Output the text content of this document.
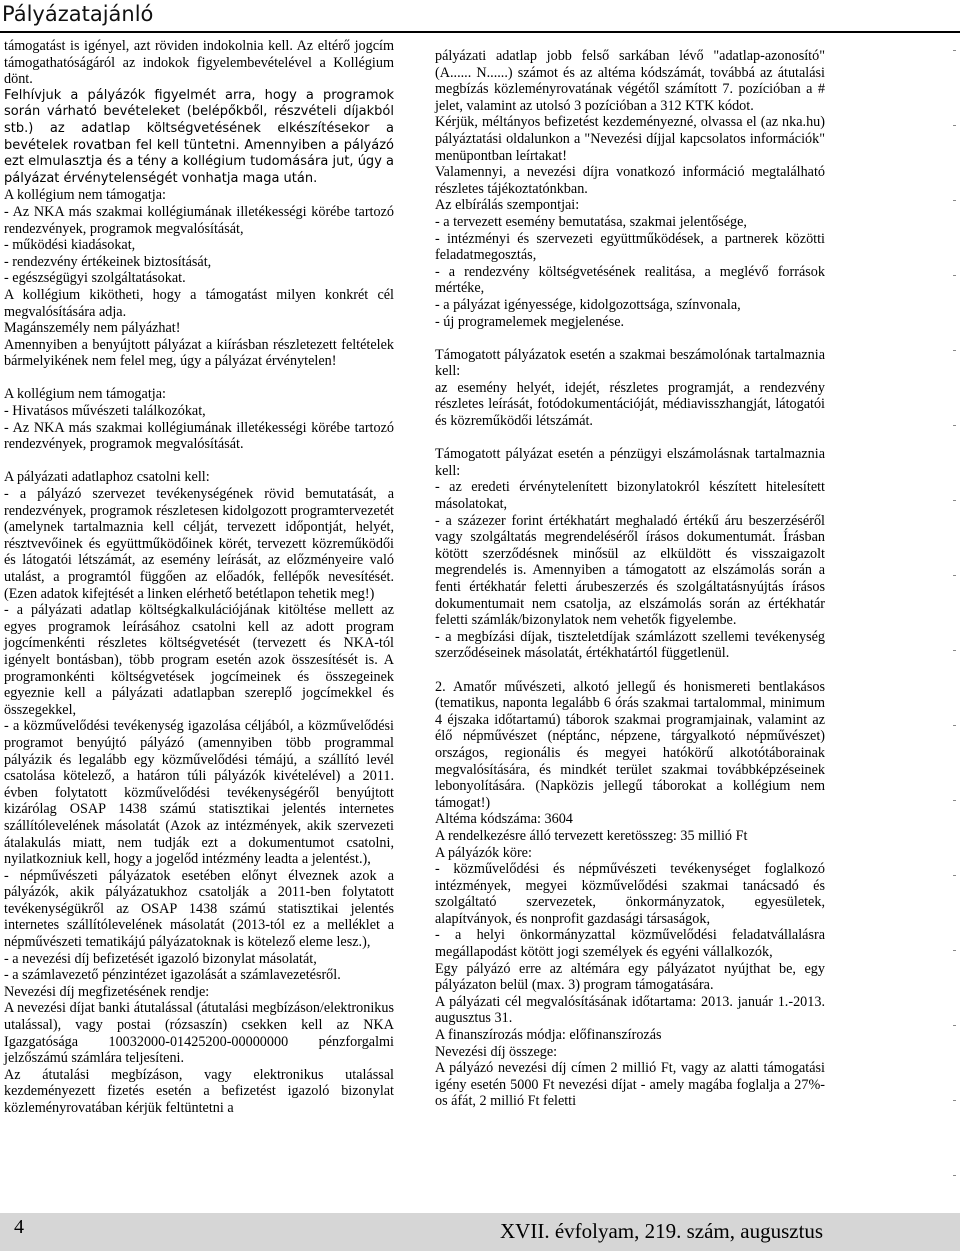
Pályázatajánló

támogatást is igényel, azt röviden indokolnia kell. Az eltérő jogcím támogathatóságáról az indokok figyelembevételével a Kollégium dönt.

Felhívjuk a pályázók figyelmét arra, hogy a programok során várható bevételeket (belépőkből, részvételi díjakból stb.) az adatlap költségvetésének elkészítésekor a bevételek rovatban fel kell tüntetni. Amennyiben a pályázó ezt elmulasztja és a tény a kollégium tudomására jut, úgy a pályázat érvénytelenségét vonhatja maga után.

A kollégium nem támogatja:

- Az NKA más szakmai kollégiumának illetékességi körébe tartozó rendezvények, programok megvalósítását,

- működési kiadásokat,

- rendezvény értékeinek biztosítását,

- egészségügyi szolgáltatásokat.

A kollégium kikötheti, hogy a támogatást milyen konkrét cél megvalósítására adja.

Magánszemély nem pályázhat!

Amennyiben a benyújtott pályázat a kiírásban részletezett feltételek bármelyikének nem felel meg, úgy a pályázat érvénytelen!

A kollégium nem támogatja:

- Hivatásos művészeti találkozókat,

- Az NKA más szakmai kollégiumának illetékességi körébe tartozó rendezvények, programok megvalósítását.

A pályázati adatlaphoz csatolni kell:

- a pályázó szervezet tevékenységének rövid bemutatását, a rendezvények, programok részletesen kidolgozott programtervezetét (amelynek tartalmaznia kell célját, tervezett időpontját, helyét, résztvevőinek és együttműködőinek körét, tervezett közreműködői és látogatói létszámát, az esemény leírását, az előzményeire való utalást, a programtól függően az előadók, fellépők nevesítését. (Ezen adatok kifejtését a linken elérhető betétlapon tehetik meg!)

- a pályázati adatlap költségkalkulációjának kitöltése mellett az egyes programok leírásához csatolni kell az adott program jogcímenkénti részletes költségvetését (tervezett és NKA-tól igényelt bontásban), több program esetén azok összesítését is. A programonkénti költségvetések jogcímeinek és összegeinek egyeznie kell a pályázati adatlapban szereplő jogcímekkel és összegekkel,

- a közművelődési tevékenység igazolása céljából, a közművelődési programot benyújtó pályázó (amennyiben több programmal pályázik és legalább egy közművelődési témájú, a szállító levél csatolása kötelező, a határon túli pályázók kivételével) a 2011. évben folytatott közművelődési tevékenységéről benyújtott kizárólag OSAP 1438 számú statisztikai jelentés internetes szállítólevelének másolatát (Azok az intézmények, akik szervezeti átalakulás miatt, nem tudják ezt a dokumentumot csatolni, nyilatkozniuk kell, hogy a jogelőd intézmény leadta a jelentést.),

- népművészeti pályázatok esetében előnyt élveznek azok a pályázók, akik pályázatukhoz csatolják a 2011-ben folytatott tevékenységükről az OSAP 1438 számú statisztikai jelentés internetes szállítólevelének másolatát (2013-tól ez a melléklet a népművészeti tematikájú pályázatoknak is kötelező eleme lesz.),

- a nevezési díj befizetését igazoló bizonylat másolatát,

- a számlavezető pénzintézet igazolását a számlavezetésről.

Nevezési díj megfizetésének rendje:

A nevezési díjat banki átutalással (átutalási megbízáson/elektronikus utalással), vagy postai (rózsaszín) csekken kell az NKA Igazgatósága 10032000-01425200-00000000 pénzforgalmi jelzőszámú számlára teljesíteni.

Az átutalási megbízáson, vagy elektronikus utalással kezdeményezett fizetés esetén a befizetést igazoló bizonylat közleményrovatában kérjük feltüntetni a

pályázati adatlap jobb felső sarkában lévő "adatlap-azonosító" (A...... N......) számot és az altéma kódszámát, továbbá az átutalási megbízás közleményrovatának végétől számított 7. pozícióban a # jelet, valamint az utolsó 3 pozícióban a 312 KTK kódot.

Kérjük, méltányos befizetést kezdeményezné, olvassa el (az nka.hu) pályáztatási oldalunkon a "Nevezési díjjal kapcsolatos információk" menüpontban leírtakat!

Valamennyi, a nevezési díjra vonatkozó információ megtalálható részletes tájékoztatónkban.

Az elbírálás szempontjai:

- a tervezett esemény bemutatása, szakmai jelentősége,

- intézményi és szervezeti együttműködések, a partnerek közötti feladatmegosztás,

- a rendezvény költségvetésének realitása, a meglévő források mértéke,

- a pályázat igényessége, kidolgozottsága, színvonala,

- új programelemek megjelenése.

Támogatott pályázatok esetén a szakmai beszámolónak tartalmaznia kell:

az esemény helyét, idejét, részletes programját, a rendezvény részletes leírását, fotódokumentációját, médiavisszhangját, látogatói és közreműködői létszámát.

Támogatott pályázat esetén a pénzügyi elszámolásnak tartalmaznia kell:

- az eredeti érvénytelenített bizonylatokról készített hitelesített másolatokat,

- a százezer forint értékhatárt meghaladó értékű áru beszerzéséről vagy szolgáltatás megrendeléséről írásos dokumentumát. Írásban kötött szerződésnek minősül az elküldött és visszaigazolt megrendelés is. Amennyiben a támogatott az elszámolás során a fenti értékhatár feletti árubeszerzés és szolgáltatásnyújtás írásos dokumentumait nem csatolja, az elszámolás során az értékhatár feletti számlák/bizonylatok nem vehetők figyelembe.

- a megbízási díjak, tiszteletdíjak számlázott szellemi tevékenység szerződéseinek másolatát, értékhatártól függetlenül.

2. Amatőr művészeti, alkotó jellegű és honismereti bentlakásos (tematikus, naponta legalább 6 órás szakmai tartalommal, minimum 4 éjszaka időtartamú) táborok szakmai programjainak, valamint az élő népművészet (néptánc, népzene, tárgyalkotó népművészet) országos, regionális és megyei hatókörű alkotótáborainak megvalósítására, és mindkét terület szakmai továbbképzéseinek lebonyolítására. (Napközis jellegű táborokat a kollégium nem támogat!)

Altéma kódszáma: 3604

A rendelkezésre álló tervezett keretösszeg: 35 millió Ft

A pályázók köre:

- közművelődési és népművészeti tevékenységet foglalkozó intézmények, megyei közművelődési szakmai tanácsadó és szolgáltató szervezetek, önkormányzatok, egyesületek, alapítványok, és nonprofit gazdasági társaságok,

- a helyi önkormányzattal közművelődési feladatvállalásra megállapodást kötött jogi személyek és egyéni vállalkozók,

Egy pályázó erre az altémára egy pályázatot nyújthat be, egy pályázaton belül (max. 3) program támogatására.

A pályázati cél megvalósításának időtartama: 2013. január 1.-2013. augusztus 31.

A finanszírozás módja: előfinanszírozás

Nevezési díj összege:

A pályázó nevezési díj címen 2 millió Ft, vagy az alatti támogatási igény esetén 5000 Ft nevezési díjat - amely magába foglalja a 27%-os áfát, 2 millió Ft feletti

4	XVII. évfolyam, 219. szám, augusztus
